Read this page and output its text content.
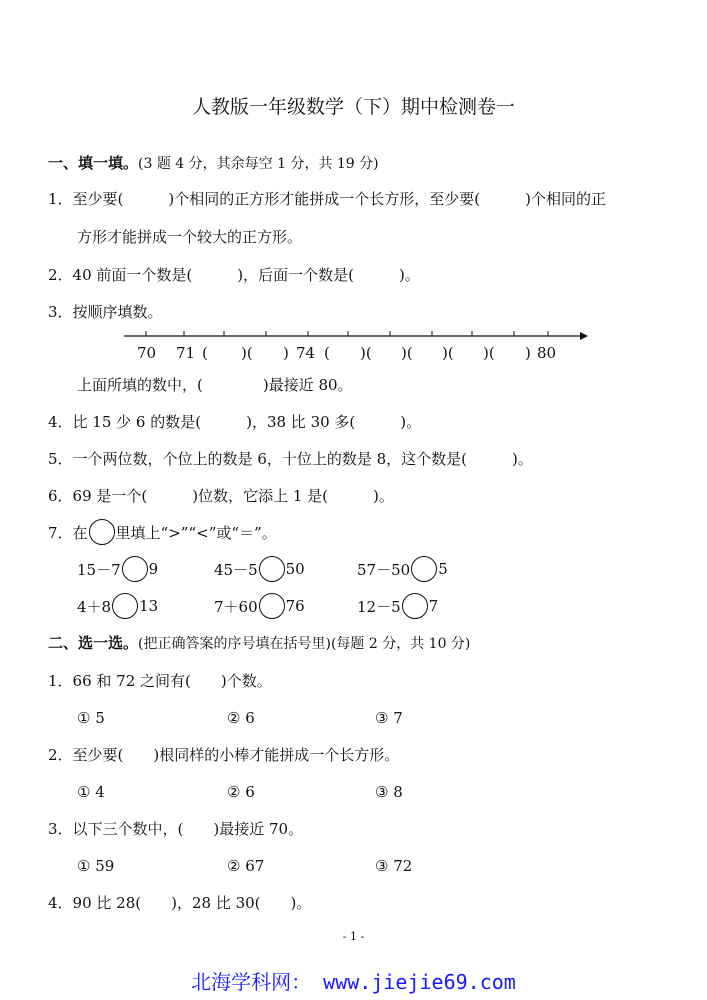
人教版一年级数学（下）期中检测卷一
一、填一填。(3 题 4 分，其余每空 1 分，共 19 分)
1．至少要(　　　)个相同的正方形才能拼成一个长方形，至少要(　　　)个相同的正
方形才能拼成一个较大的正方形。
2．40 前面一个数是(　　　)，后面一个数是(　　　)。
3．按顺序填数。
70 71 ( )( ) 74 ( )( )( )( )( ) 80
上面所填的数中，(　　　　)最接近 80。
4．比 15 少 6 的数是(　　　)，38 比 30 多(　　　)。
5．一个两位数，个位上的数是 6，十位上的数是 8，这个数是(　　　)。
6．69 是一个(　　　)位数，它添上 1 是(　　　)。
7．在 里填上“>”“<”或“＝”。
15－7 9	45－5 50	57－50 5
4＋8 13	7＋60 76	12－5 7
二、选一选。(把正确答案的序号填在括号里)(每题 2 分，共 10 分)
1．66 和 72 之间有(　　)个数。
① 5	② 6	③ 7
2．至少要(　　)根同样的小棒才能拼成一个长方形。
① 4	② 6	③ 8
3．以下三个数中，(　　)最接近 70。
① 59	② 67	③ 72
4．90 比 28(　　)，28 比 30(　　)。
- 1 -
北海学科网： www.jiejie69.com
